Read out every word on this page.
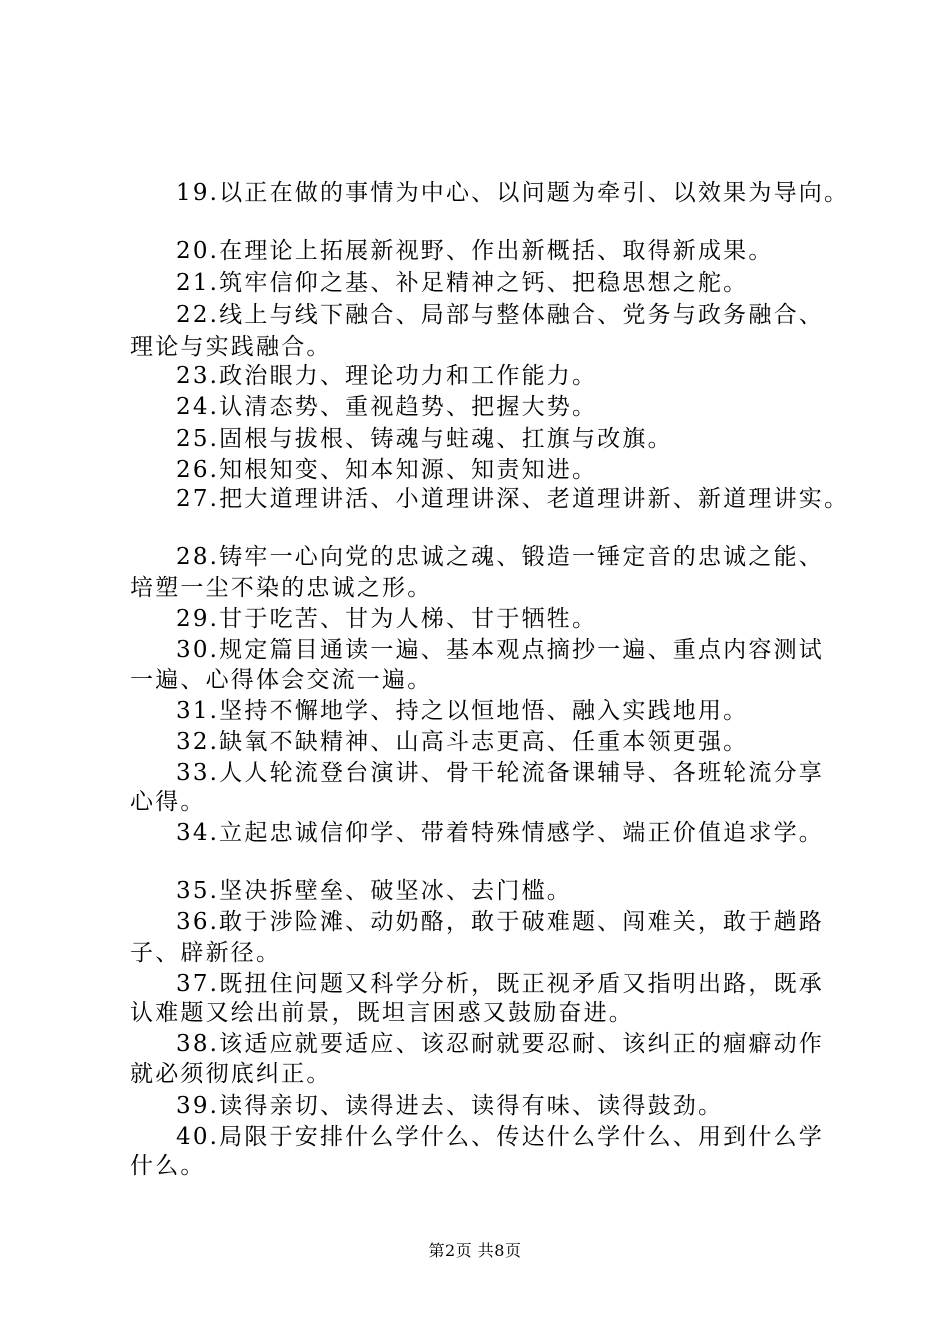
19.以正在做的事情为中心、以问题为牵引、以效果为导向。
20.在理论上拓展新视野、作出新概括、取得新成果。
21.筑牢信仰之基、补足精神之钙、把稳思想之舵。
22.线上与线下融合、局部与整体融合、党务与政务融合、
理论与实践融合。
23.政治眼力、理论功力和工作能力。
24.认清态势、重视趋势、把握大势。
25.固根与拔根、铸魂与蛀魂、扛旗与改旗。
26.知根知变、知本知源、知责知进。
27.把大道理讲活、小道理讲深、老道理讲新、新道理讲实。
28.铸牢一心向党的忠诚之魂、锻造一锤定音的忠诚之能、
培塑一尘不染的忠诚之形。
29.甘于吃苦、甘为人梯、甘于牺牲。
30.规定篇目通读一遍、基本观点摘抄一遍、重点内容测试
一遍、心得体会交流一遍。
31.坚持不懈地学、持之以恒地悟、融入实践地用。
32.缺氧不缺精神、山高斗志更高、任重本领更强。
33.人人轮流登台演讲、骨干轮流备课辅导、各班轮流分享
心得。
34.立起忠诚信仰学、带着特殊情感学、端正价值追求学。
35.坚决拆壁垒、破坚冰、去门槛。
36.敢于涉险滩、动奶酪，敢于破难题、闯难关，敢于趟路
子、辟新径。
37.既扭住问题又科学分析，既正视矛盾又指明出路，既承
认难题又绘出前景，既坦言困惑又鼓励奋进。
38.该适应就要适应、该忍耐就要忍耐、该纠正的痼癖动作
就必须彻底纠正。
39.读得亲切、读得进去、读得有味、读得鼓劲。
40.局限于安排什么学什么、传达什么学什么、用到什么学
什么。
第2页 共8页
